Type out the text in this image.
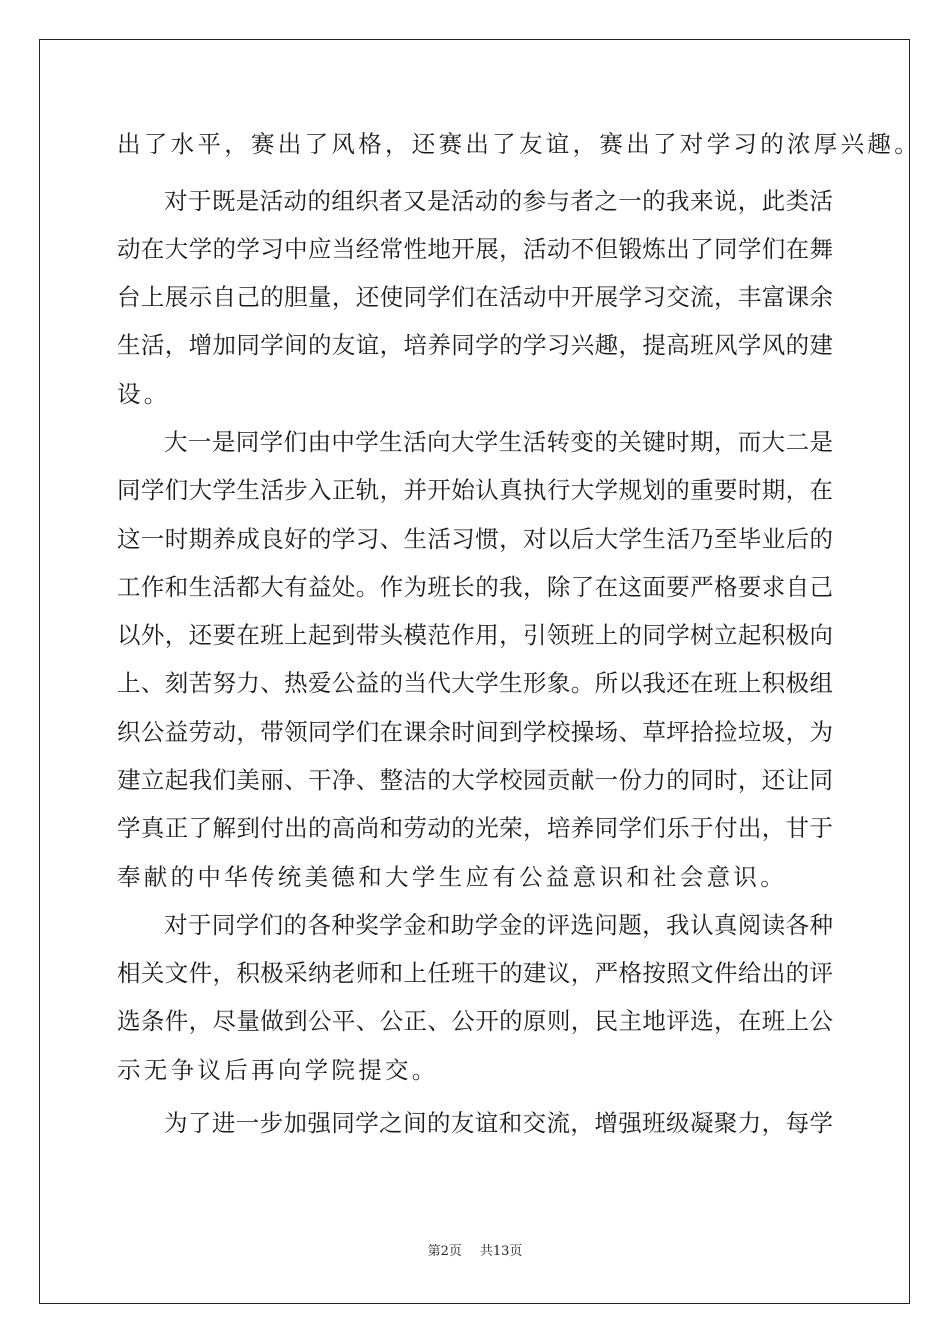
出了水平，赛出了风格，还赛出了友谊，赛出了对学习的浓厚兴趣。
对于既是活动的组织者又是活动的参与者之一的我来说，此类活
动在大学的学习中应当经常性地开展，活动不但锻炼出了同学们在舞
台上展示自己的胆量，还使同学们在活动中开展学习交流，丰富课余
生活，增加同学间的友谊，培养同学的学习兴趣，提高班风学风的建
设。
大一是同学们由中学生活向大学生活转变的关键时期，而大二是
同学们大学生活步入正轨，并开始认真执行大学规划的重要时期，在
这一时期养成良好的学习、生活习惯，对以后大学生活乃至毕业后的
工作和生活都大有益处。作为班长的我，除了在这面要严格要求自己
以外，还要在班上起到带头模范作用，引领班上的同学树立起积极向
上、刻苦努力、热爱公益的当代大学生形象。所以我还在班上积极组
织公益劳动，带领同学们在课余时间到学校操场、草坪拾捡垃圾，为
建立起我们美丽、干净、整洁的大学校园贡献一份力的同时，还让同
学真正了解到付出的高尚和劳动的光荣，培养同学们乐于付出，甘于
奉献的中华传统美德和大学生应有公益意识和社会意识。
对于同学们的各种奖学金和助学金的评选问题，我认真阅读各种
相关文件，积极采纳老师和上任班干的建议，严格按照文件给出的评
选条件，尽量做到公平、公正、公开的原则，民主地评选，在班上公
示无争议后再向学院提交。
为了进一步加强同学之间的友谊和交流，增强班级凝聚力，每学
第2页 共13页
